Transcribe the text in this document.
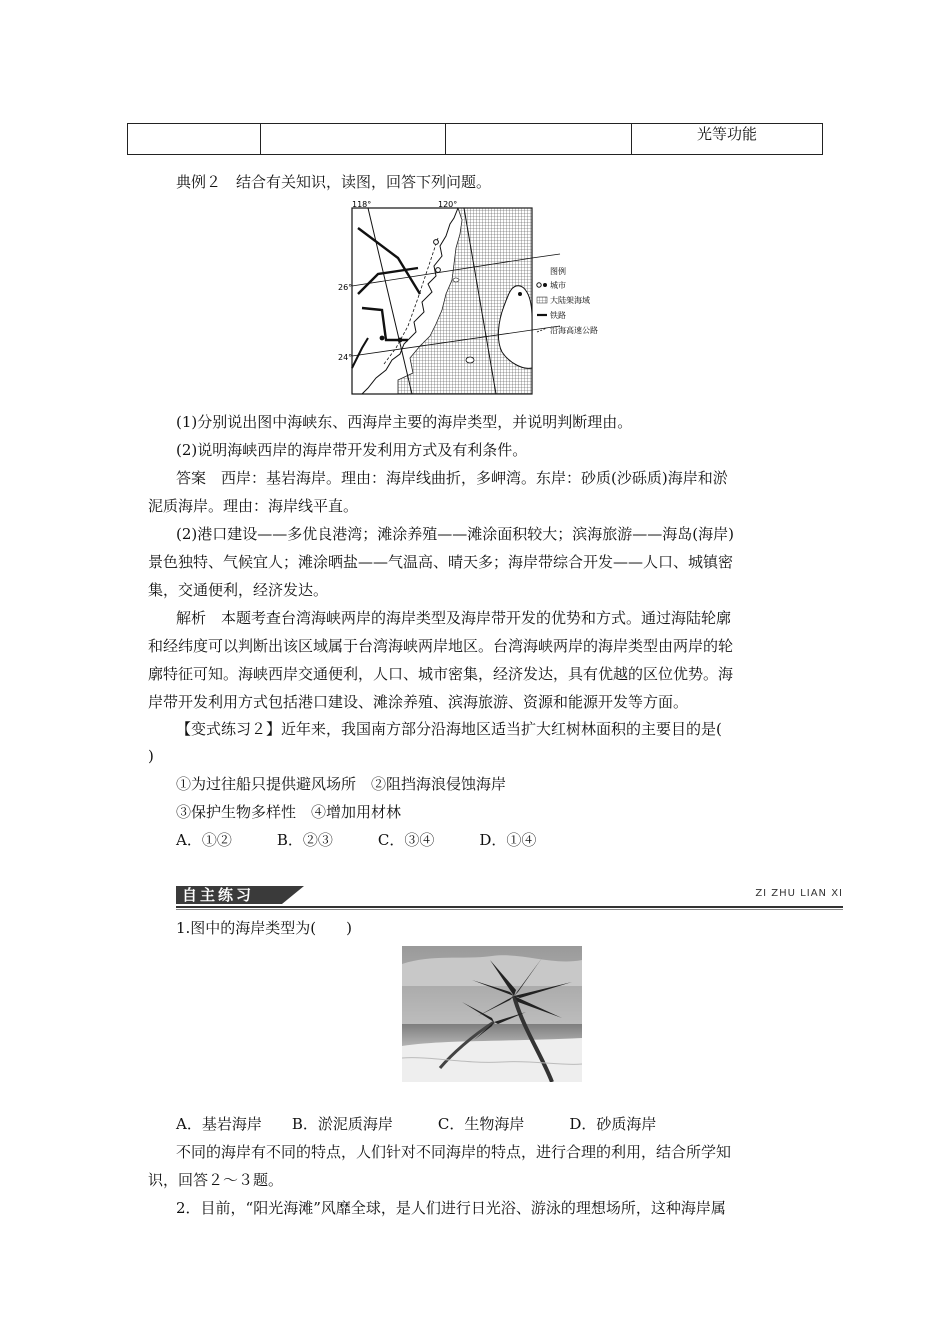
			光等功能
典例２　结合有关知识，读图，回答下列问题。
118°	120°
26°
24°
图例
城市
大陆架海域
铁路
沿海高速公路
(1)分别说出图中海峡东、西海岸主要的海岸类型，并说明判断理由。
(2)说明海峡西岸的海岸带开发利用方式及有利条件。
答案　西岸：基岩海岸。理由：海岸线曲折，多岬湾。东岸：砂质(沙砾质)海岸和淤
泥质海岸。理由：海岸线平直。
(2)港口建设——多优良港湾；滩涂养殖——滩涂面积较大；滨海旅游——海岛(海岸)
景色独特、气候宜人；滩涂晒盐——气温高、晴天多；海岸带综合开发——人口、城镇密
集，交通便利，经济发达。
解析　本题考查台湾海峡两岸的海岸类型及海岸带开发的优势和方式。通过海陆轮廓
和经纬度可以判断出该区域属于台湾海峡两岸地区。台湾海峡两岸的海岸类型由两岸的轮
廓特征可知。海峡西岸交通便利，人口、城市密集，经济发达，具有优越的区位优势。海
岸带开发利用方式包括港口建设、滩涂养殖、滨海旅游、资源和能源开发等方面。
【变式练习２】近年来，我国南方部分沿海地区适当扩大红树林面积的主要目的是(
)
①为过往船只提供避风场所　②阻挡海浪侵蚀海岸
③保护生物多样性　④增加用材林
A．①②　　　B．②③　　　C．③④　　　D．①④
自主练习	ZI ZHU LIAN XI
1.图中的海岸类型为(　　)
A．基岩海岸　　B．淤泥质海岸　　　C．生物海岸　　　D．砂质海岸
不同的海岸有不同的特点，人们针对不同海岸的特点，进行合理的利用，结合所学知
识，回答２～３题。
2．目前，“阳光海滩”风靡全球，是人们进行日光浴、游泳的理想场所，这种海岸属
